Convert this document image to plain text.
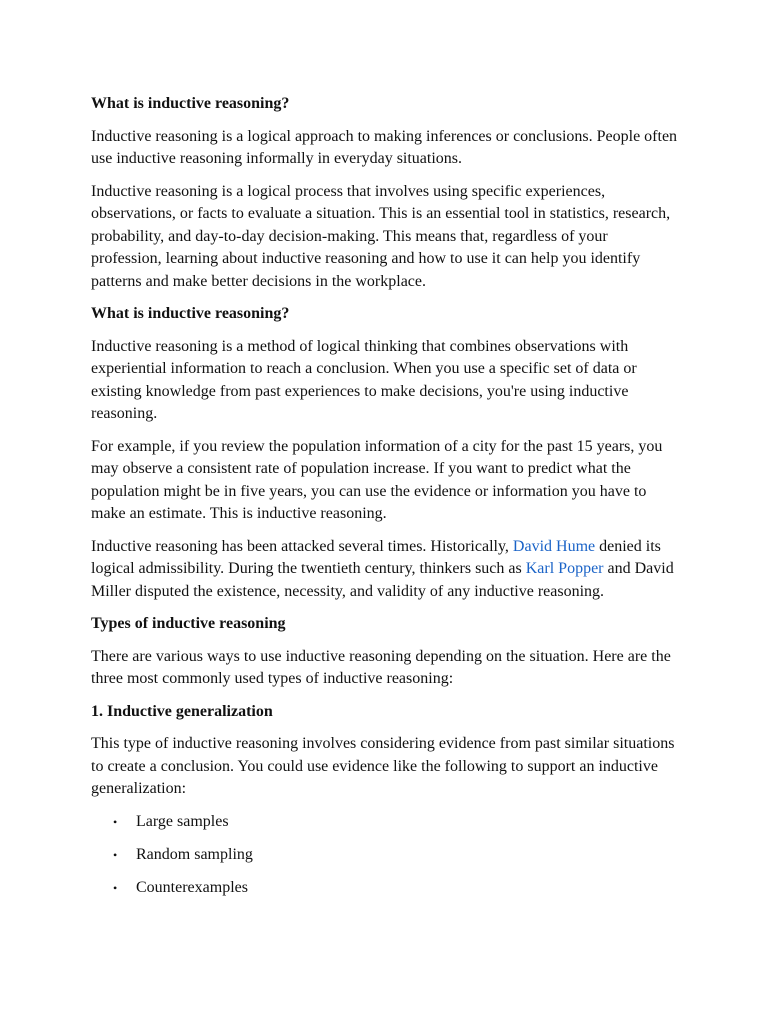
What is inductive reasoning?

Inductive reasoning is a logical approach to making inferences or conclusions. People often use inductive reasoning informally in everyday situations.

Inductive reasoning is a logical process that involves using specific experiences, observations, or facts to evaluate a situation. This is an essential tool in statistics, research, probability, and day-to-day decision-making. This means that, regardless of your profession, learning about inductive reasoning and how to use it can help you identify patterns and make better decisions in the workplace.

What is inductive reasoning?

Inductive reasoning is a method of logical thinking that combines observations with experiential information to reach a conclusion. When you use a specific set of data or existing knowledge from past experiences to make decisions, you're using inductive reasoning.

For example, if you review the population information of a city for the past 15 years, you may observe a consistent rate of population increase. If you want to predict what the population might be in five years, you can use the evidence or information you have to make an estimate. This is inductive reasoning.

Inductive reasoning has been attacked several times. Historically, David Hume denied its logical admissibility. During the twentieth century, thinkers such as Karl Popper and David Miller disputed the existence, necessity, and validity of any inductive reasoning.

Types of inductive reasoning

There are various ways to use inductive reasoning depending on the situation. Here are the three most commonly used types of inductive reasoning:

1. Inductive generalization

This type of inductive reasoning involves considering evidence from past similar situations to create a conclusion. You could use evidence like the following to support an inductive generalization:

• Large samples
• Random sampling
• Counterexamples
